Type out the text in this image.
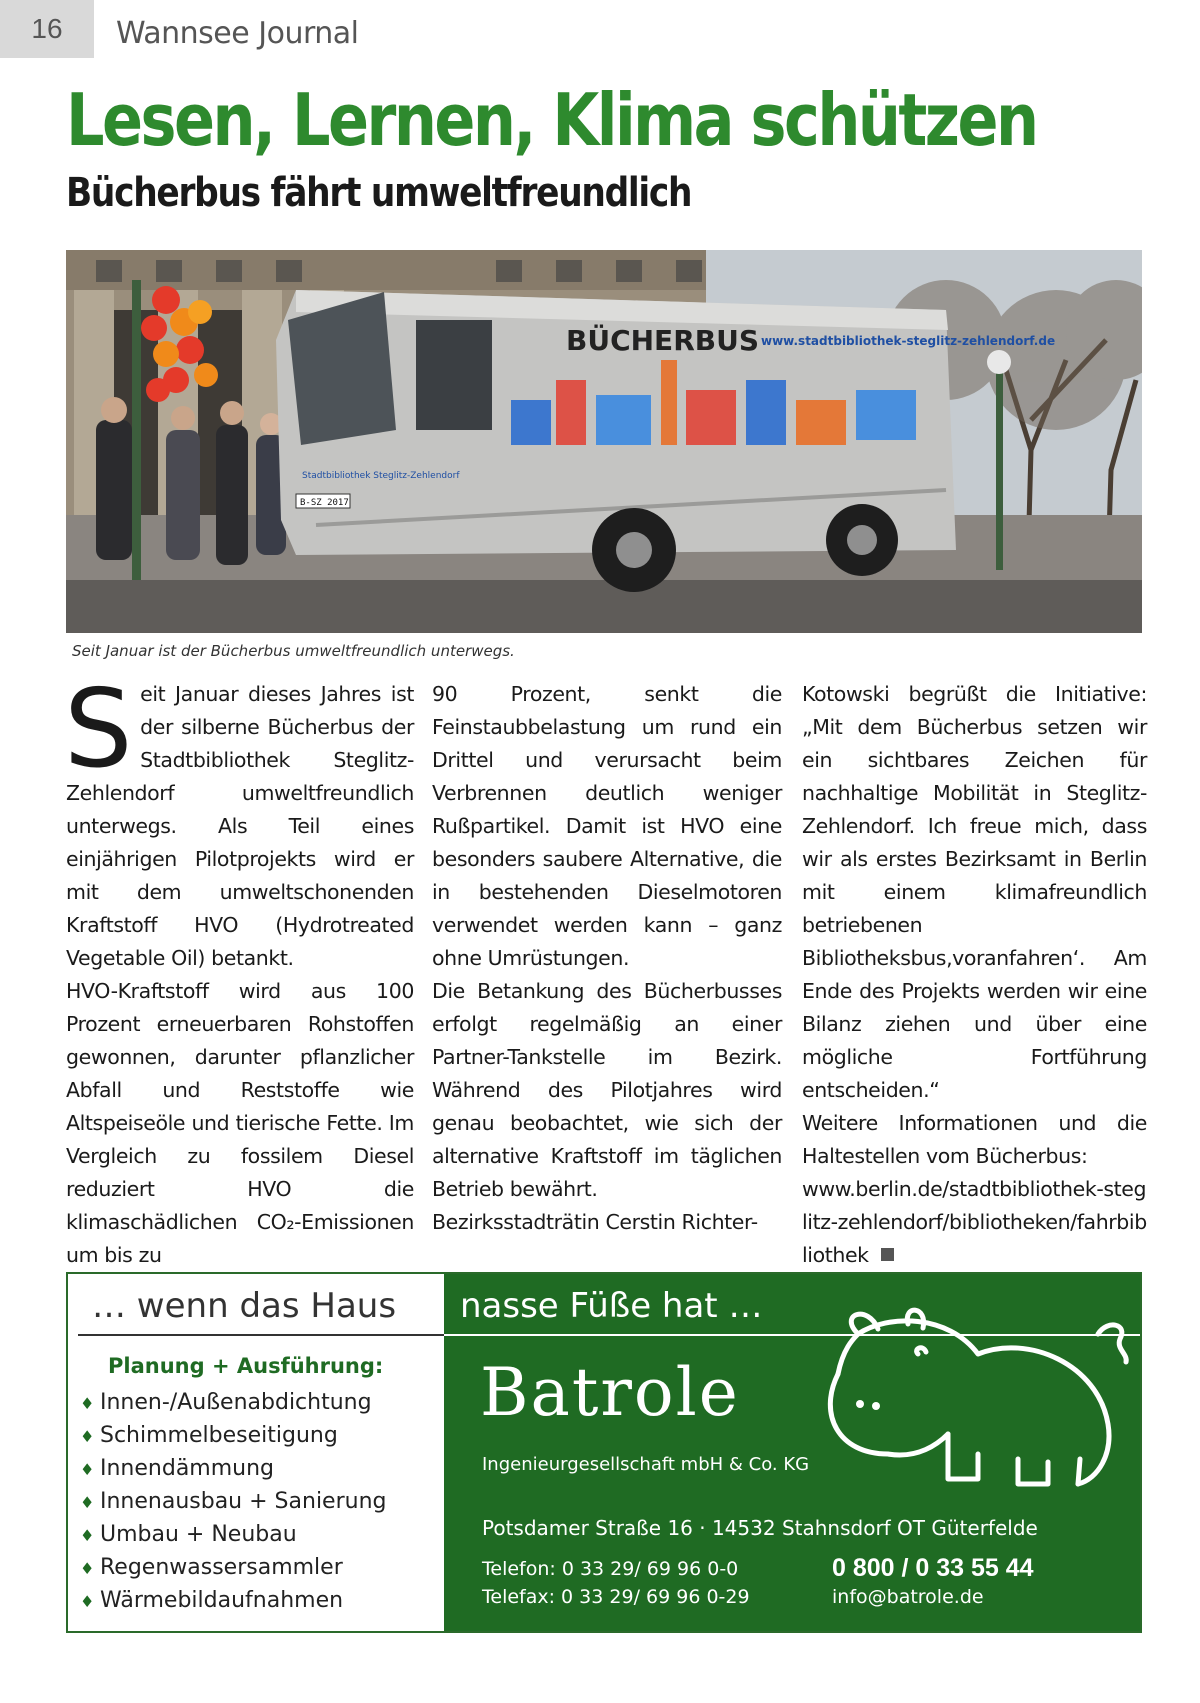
16	Wannsee Journal
Lesen, Lernen, Klima schützen
Bücherbus fährt umweltfreundlich
BÜCHERBUS www.stadtbibliothek-steglitz-zehlendorf.de
Stadtbibliothek Steglitz-Zehlendorf
B-SZ 2017
Seit Januar ist der Bücherbus umweltfreundlich unterwegs.
S eit Januar dieses Jahres ist der silberne Bücherbus der Stadtbibliothek Steglitz-Zehlendorf umweltfreundlich unterwegs. Als Teil eines einjährigen Pilotprojekts wird er mit dem umweltschonenden Kraftstoff HVO (Hydrotreated Vegetable Oil) betankt.

HVO-Kraftstoff wird aus 100 Prozent erneuerbaren Rohstoffen gewonnen, darunter pflanzlicher Abfall und Reststoffe wie Altspeiseöle und tierische Fette. Im Vergleich zu fossilem Diesel reduziert HVO die klimaschädlichen CO₂-Emissionen um bis zu

90 Prozent, senkt die Feinstaubbelastung um rund ein Drittel und verursacht beim Verbrennen deutlich weniger Rußpartikel. Damit ist HVO eine besonders saubere Alternative, die in bestehenden Dieselmotoren verwendet werden kann – ganz ohne Umrüstungen.

Die Betankung des Bücherbusses erfolgt regelmäßig an einer Partner-Tankstelle im Bezirk. Während des Pilotjahres wird genau beobachtet, wie sich der alternative Kraftstoff im täglichen Betrieb bewährt.

Bezirksstadträtin Cerstin Richter-

Kotowski begrüßt die Initiative: „Mit dem Bücherbus setzen wir ein sichtbares Zeichen für nachhaltige Mobilität in Steglitz-Zehlendorf. Ich freue mich, dass wir als erstes Bezirksamt in Berlin mit einem klimafreundlich betriebenen Bibliotheksbus‚voranfahren‘. Am Ende des Projekts werden wir eine Bilanz ziehen und über eine mögliche Fortführung entscheiden.“

Weitere Informationen und die Haltestellen vom Bücherbus:

www.berlin.de/stadtbibliothek-steglitz-zehlendorf/bibliotheken/fahrbibliothek

… wenn das Haus nasse Füße hat …
Planung + Ausführung:
♦ Innen-/Außenabdichtung
♦ Schimmelbeseitigung
♦ Innendämmung
♦ Innenausbau + Sanierung
♦ Umbau + Neubau
♦ Regenwassersammler
♦ Wärmebildaufnahmen
Batrole
Ingenieurgesellschaft mbH & Co. KG
Potsdamer Straße 16 · 14532 Stahnsdorf OT Güterfelde
Telefon: 0 33 29/ 69 96 0-0
Telefax: 0 33 29/ 69 96 0-29
0 800 / 0 33 55 44
info@batrole.de
